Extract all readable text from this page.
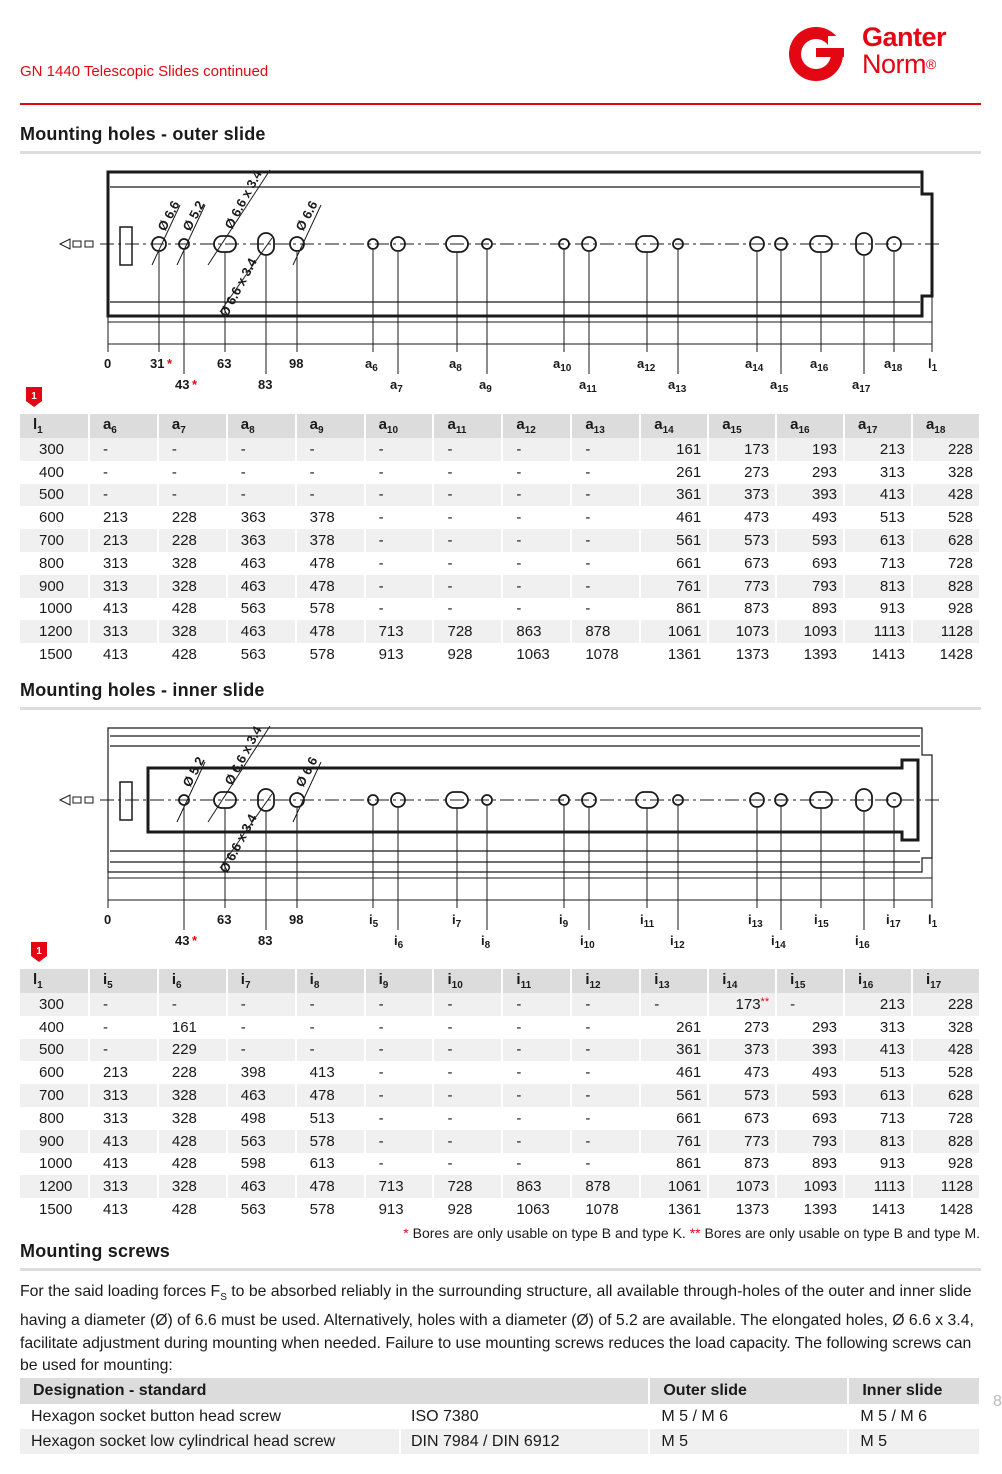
GN 1440 Telescopic Slides continued
Ganter
Norm®
Mounting holes - outer slide
Ø 6.6
Ø 5.2 Ø 6.6 x 3.4 Ø 6.6
Ø 6.6 x 3.4
0	31 *	63	98
43 *	83
$a_6$	$a_8$	$a_{10}$	$a_{12}$	$a_{14}$	$a_{16}$	$a_{18}$ $l_1$
$a_7$	$a_9$	$a_{11}$	$a_{13}$	$a_{15}$	$a_{17}$
1
$l_1$	$a_6$	$a_7$	$a_8$	$a_9$	$a_{10}$	$a_{11}$	$a_{12}$	$a_{13}$	$a_{14}$	$a_{15}$	$a_{16}$	$a_{17}$	$a_{18}$
300	-	-	-	-	-	-	-	-	161	173	193	213	228
400	-	-	-	-	-	-	-	-	261	273	293	313	328
500	-	-	-	-	-	-	-	-	361	373	393	413	428
600	213	228	363	378	-	-	-	-	461	473	493	513	528
700	213	228	363	378	-	-	-	-	561	573	593	613	628
800	313	328	463	478	-	-	-	-	661	673	693	713	728
900	313	328	463	478	-	-	-	-	761	773	793	813	828
1000	413	428	563	578	-	-	-	-	861	873	893	913	928
1200	313	328	463	478	713	728	863	878	1061	1073	1093	1113	1128
1500	413	428	563	578	913	928	1063	1078	1361	1373	1393	1413	1428
Mounting holes - inner slide
Ø 5.2 Ø 6.6 x 3.4 Ø 6.6
Ø 6.6 x 3.4
0	63	98
43 *	83
$i_5$	$i_7$	$i_9$	$i_{11}$	$i_{13}$	$i_{15}$	$i_{17}$ $l_1$
$i_6$	$i_8$	$i_{10}$	$i_{12}$	$i_{14}$	$i_{16}$
1
$l_1$	$i_5$	$i_6$	$i_7$	$i_8$	$i_9$	$i_{10}$	$i_{11}$	$i_{12}$	$i_{13}$	$i_{14}$	$i_{15}$	$i_{16}$	$i_{17}$
300	-	-	-	-	-	-	-	-	-	173**	-	213	228
400	-	161	-	-	-	-	-	-	261	273	293	313	328
500	-	229	-	-	-	-	-	-	361	373	393	413	428
600	213	228	398	413	-	-	-	-	461	473	493	513	528
700	313	328	463	478	-	-	-	-	561	573	593	613	628
800	313	328	498	513	-	-	-	-	661	673	693	713	728
900	413	428	563	578	-	-	-	-	761	773	793	813	828
1000	413	428	598	613	-	-	-	-	861	873	893	913	928
1200	313	328	463	478	713	728	863	878	1061	1073	1093	1113	1128
1500	413	428	563	578	913	928	1063	1078	1361	1373	1393	1413	1428
* Bores are only usable on type B and type K. ** Bores are only usable on type B and type M.
Mounting screws
For the said loading forces $F_S$ to be absorbed reliably in the surrounding structure, all available through-holes of the outer and inner slide having a diameter (Ø) of 6.6 must be used. Alternatively, holes with a diameter (Ø) of 5.2 are available. The elongated holes, Ø 6.6 x 3.4, facilitate adjustment during mounting when needed. Failure to use mounting screws reduces the load capacity. The following screws can be used for mounting:
Designation - standard		Outer slide	Inner slide
Hexagon socket button head screw	ISO 7380	M 5 / M 6	M 5 / M 6
Hexagon socket low cylindrical head screw	DIN 7984 / DIN 6912	M 5	M 5
8
